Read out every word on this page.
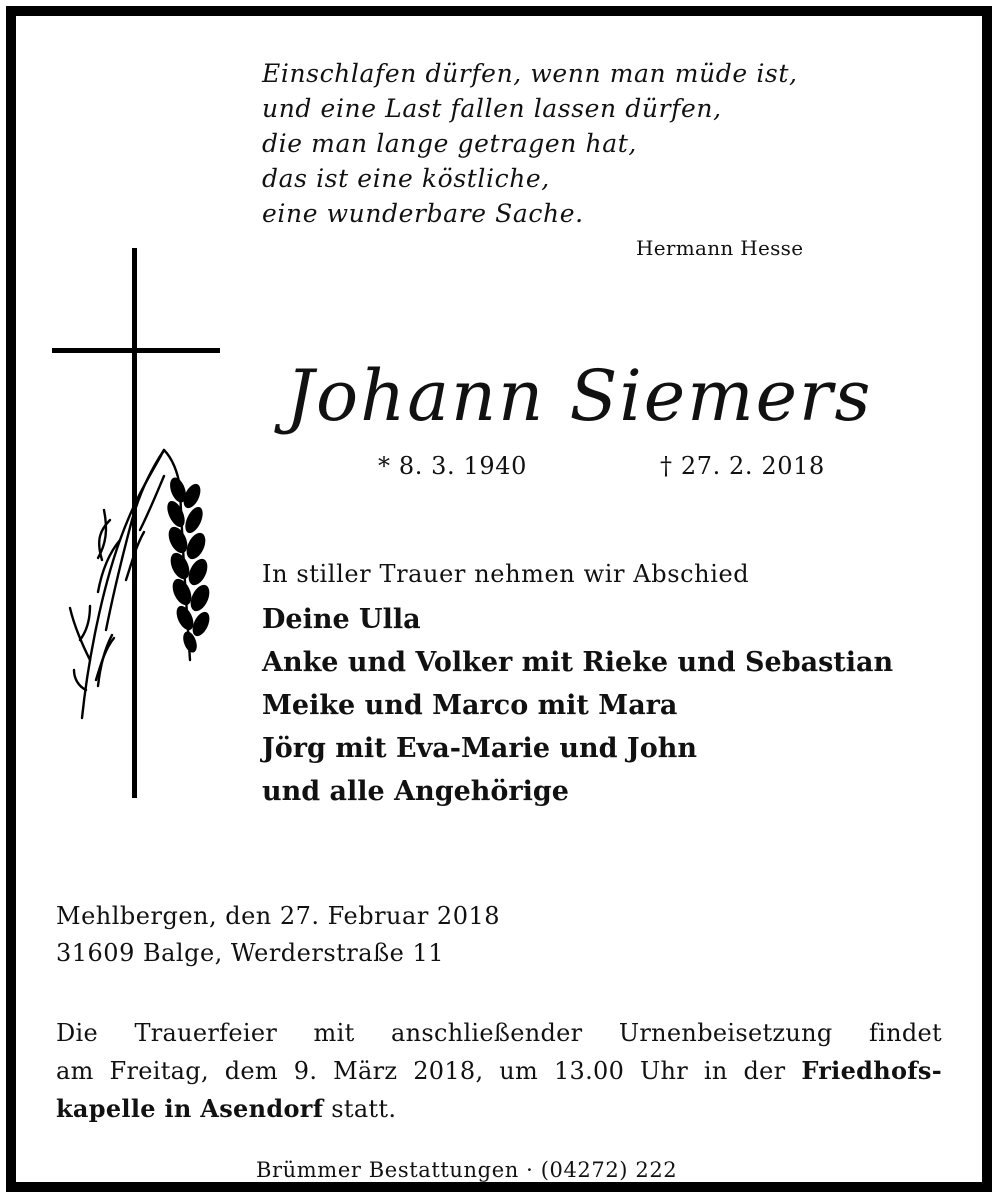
Einschlafen dürfen, wenn man müde ist,
und eine Last fallen lassen dürfen,
die man lange getragen hat,
das ist eine köstliche,
eine wunderbare Sache.
Hermann Hesse
Johann Siemers
* 8. 3. 1940	† 27. 2. 2018
In stiller Trauer nehmen wir Abschied
Deine Ulla
Anke und Volker mit Rieke und Sebastian
Meike und Marco mit Mara
Jörg mit Eva-Marie und John
und alle Angehörige
Mehlbergen, den 27. Februar 2018
31609 Balge, Werderstraße 11
Die Trauerfeier mit anschließender Urnenbeisetzung findet
am Freitag, dem 9. März 2018, um 13.00 Uhr in der Friedhofs-
kapelle in Asendorf statt.
Brümmer Bestattungen · (04272) 222
